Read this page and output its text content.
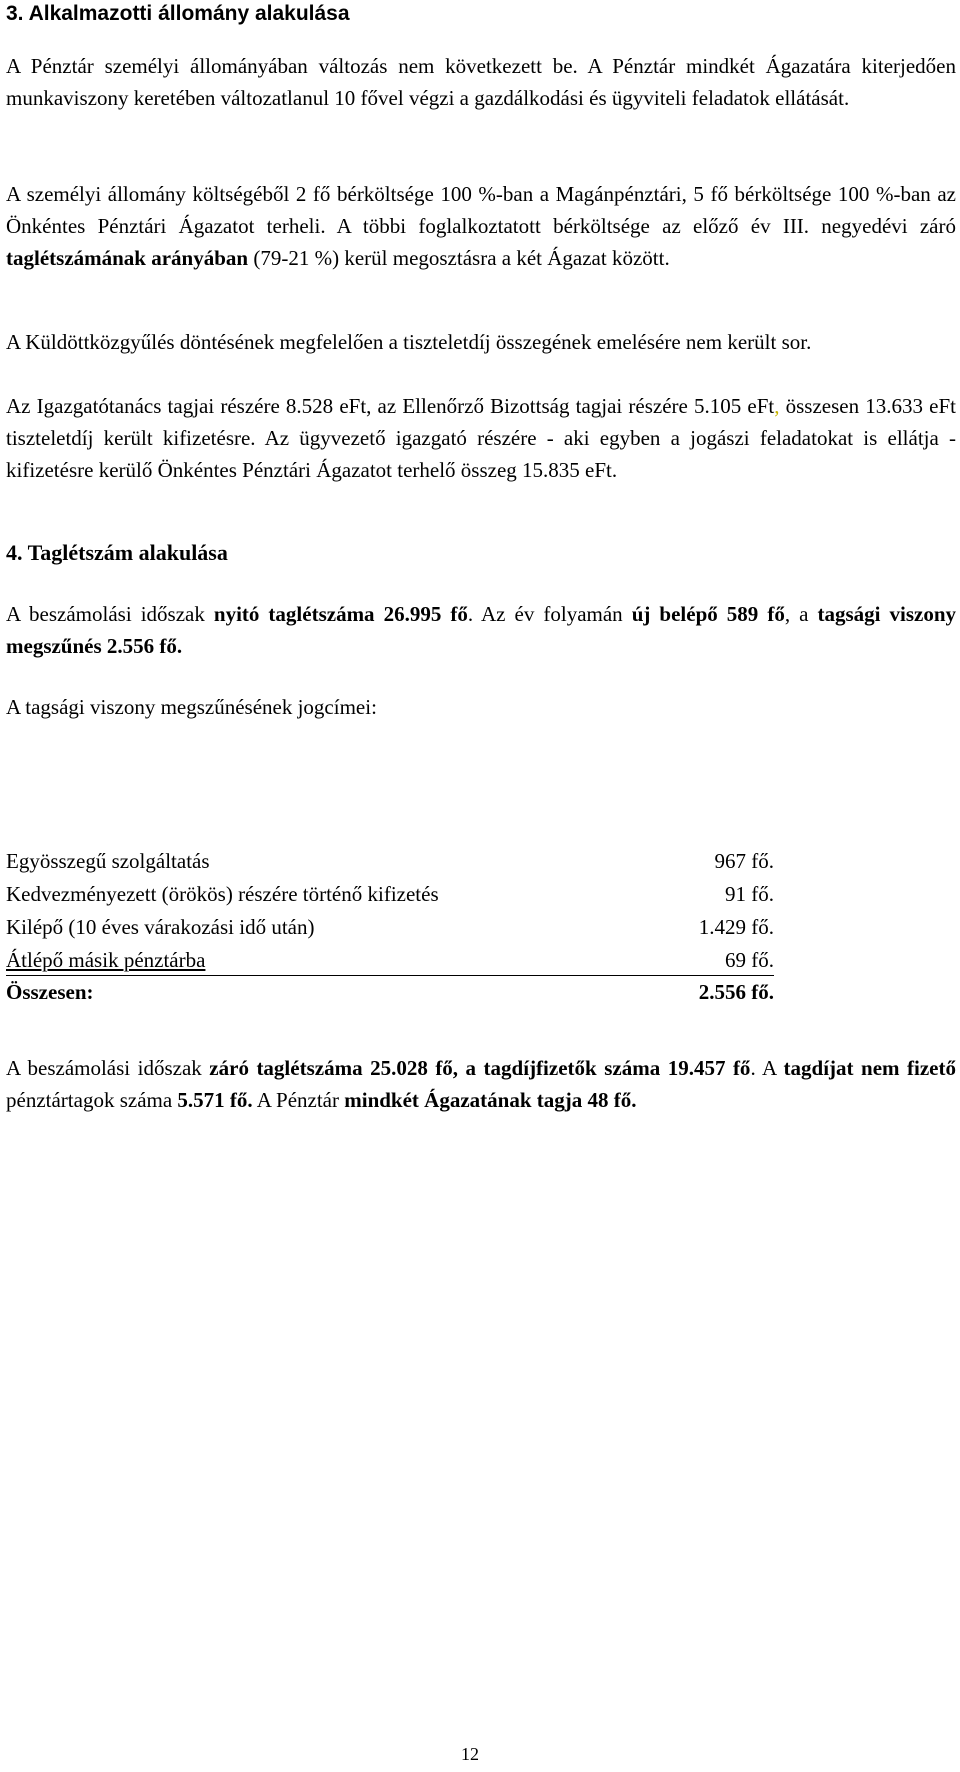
3. Alkalmazotti állomány alakulása
A Pénztár személyi állományában változás nem következett be. A Pénztár mindkét Ágazatára kiterjedően munkaviszony keretében változatlanul 10 fővel végzi a gazdálkodási és ügyviteli feladatok ellátását.
A személyi állomány költségéből 2 fő bérköltsége 100 %-ban a Magánpénztári, 5 fő bérköltsége 100 %-ban az Önkéntes Pénztári Ágazatot terheli. A többi foglalkoztatott bérköltsége az előző év III. negyedévi záró taglétszámának arányában (79-21 %) kerül megosztásra a két Ágazat között.
A Küldöttközgyűlés döntésének megfelelően a tiszteletdíj összegének emelésére nem került sor.
Az Igazgatótanács tagjai részére 8.528 eFt, az Ellenőrző Bizottság tagjai részére 5.105 eFt, összesen 13.633 eFt tiszteletdíj került kifizetésre. Az ügyvezető igazgató részére - aki egyben a jogászi feladatokat is ellátja - kifizetésre kerülő Önkéntes Pénztári Ágazatot terhelő összeg 15.835 eFt.
4. Taglétszám alakulása
A beszámolási időszak nyitó taglétszáma 26.995 fő. Az év folyamán új belépő 589 fő, a tagsági viszony megszűnés 2.556 fő.
A tagsági viszony megszűnésének jogcímei:
Egyösszegű szolgáltatás	967 fő.
Kedvezményezett (örökös) részére történő kifizetés	91 fő.
Kilépő (10 éves várakozási idő után)	1.429 fő.
Átlépő másik pénztárba	69 fő.
Összesen:	2.556 fő.
A beszámolási időszak záró taglétszáma 25.028 fő, a tagdíjfizetők száma 19.457 fő. A tagdíjat nem fizető pénztártagok száma 5.571 fő. A Pénztár mindkét Ágazatának tagja 48 fő.
12
